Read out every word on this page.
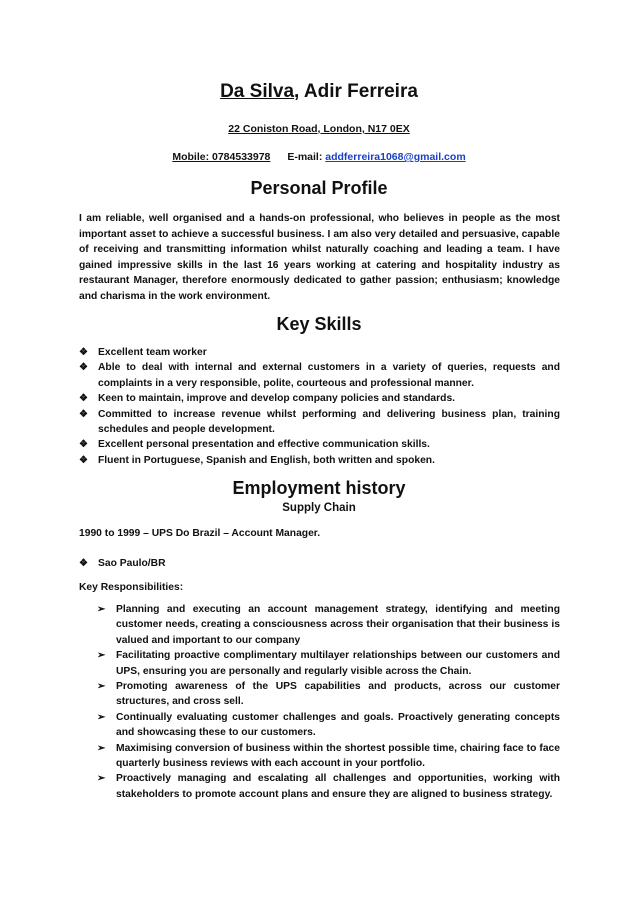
Da Silva, Adir Ferreira
22 Coniston Road, London, N17 0EX
Mobile: 0784533978 E-mail: addferreira1068@gmail.com
Personal Profile

I am reliable, well organised and a hands-on professional, who believes in people as the most important asset to achieve a successful business. I am also very detailed and persuasive, capable of receiving and transmitting information whilst naturally coaching and leading a team. I have gained impressive skills in the last 16 years working at catering and hospitality industry as restaurant Manager, therefore enormously dedicated to gather passion; enthusiasm; knowledge and charisma in the work environment.

Key Skills
❖ Excellent team worker
❖ Able to deal with internal and external customers in a variety of queries, requests and complaints in a very responsible, polite, courteous and professional manner.
❖ Keen to maintain, improve and develop company policies and standards.
❖ Committed to increase revenue whilst performing and delivering business plan, training schedules and people development.
❖ Excellent personal presentation and effective communication skills.
❖ Fluent in Portuguese, Spanish and English, both written and spoken.
Employment history
Supply Chain
1990 to 1999 – UPS Do Brazil – Account Manager.
❖ Sao Paulo/BR
Key Responsibilities:
➢ Planning and executing an account management strategy, identifying and meeting customer needs, creating a consciousness across their organisation that their business is valued and important to our company
➢ Facilitating proactive complimentary multilayer relationships between our customers and UPS, ensuring you are personally and regularly visible across the Chain.
➢ Promoting awareness of the UPS capabilities and products, across our customer structures, and cross sell.
➢ Continually evaluating customer challenges and goals. Proactively generating concepts and showcasing these to our customers.
➢ Maximising conversion of business within the shortest possible time, chairing face to face quarterly business reviews with each account in your portfolio.
➢ Proactively managing and escalating all challenges and opportunities, working with stakeholders to promote account plans and ensure they are aligned to business strategy.
